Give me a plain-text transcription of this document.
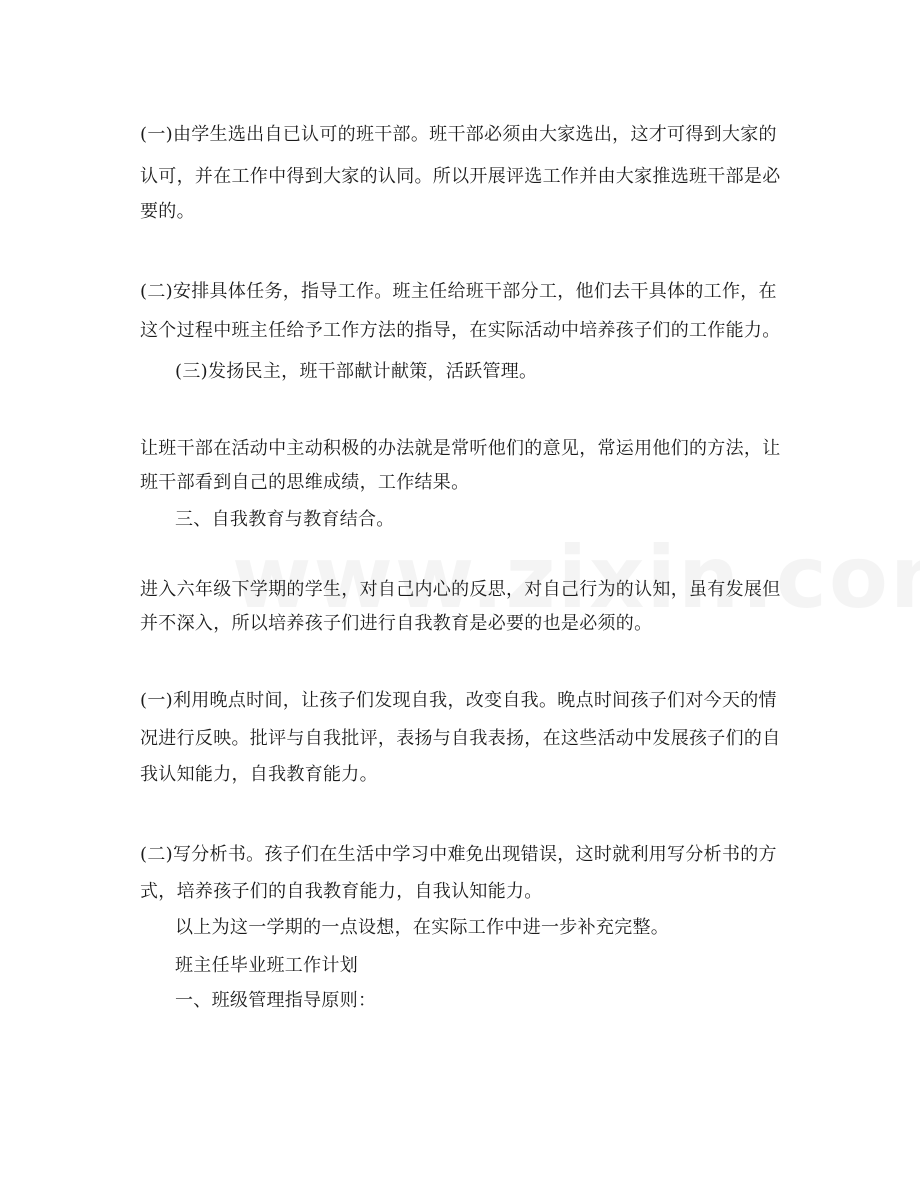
(一)由学生选出自已认可的班干部。班干部必须由大家选出，这才可得到大家的
认可，并在工作中得到大家的认同。所以开展评选工作并由大家推选班干部是必
要的。
(二)安排具体任务，指导工作。班主任给班干部分工，他们去干具体的工作，在
这个过程中班主任给予工作方法的指导，在实际活动中培养孩子们的工作能力。
(三)发扬民主，班干部献计献策，活跃管理。
让班干部在活动中主动积极的办法就是常听他们的意见，常运用他们的方法，让
班干部看到自己的思维成绩，工作结果。
三、自我教育与教育结合。
进入六年级下学期的学生，对自己内心的反思，对自己行为的认知，虽有发展但
并不深入，所以培养孩子们进行自我教育是必要的也是必须的。
(一)利用晚点时间，让孩子们发现自我，改变自我。晚点时间孩子们对今天的情
况进行反映。批评与自我批评，表扬与自我表扬，在这些活动中发展孩子们的自
我认知能力，自我教育能力。
(二)写分析书。孩子们在生活中学习中难免出现错误，这时就利用写分析书的方
式，培养孩子们的自我教育能力，自我认知能力。
以上为这一学期的一点设想，在实际工作中进一步补充完整。
班主任毕业班工作计划
一、班级管理指导原则：
